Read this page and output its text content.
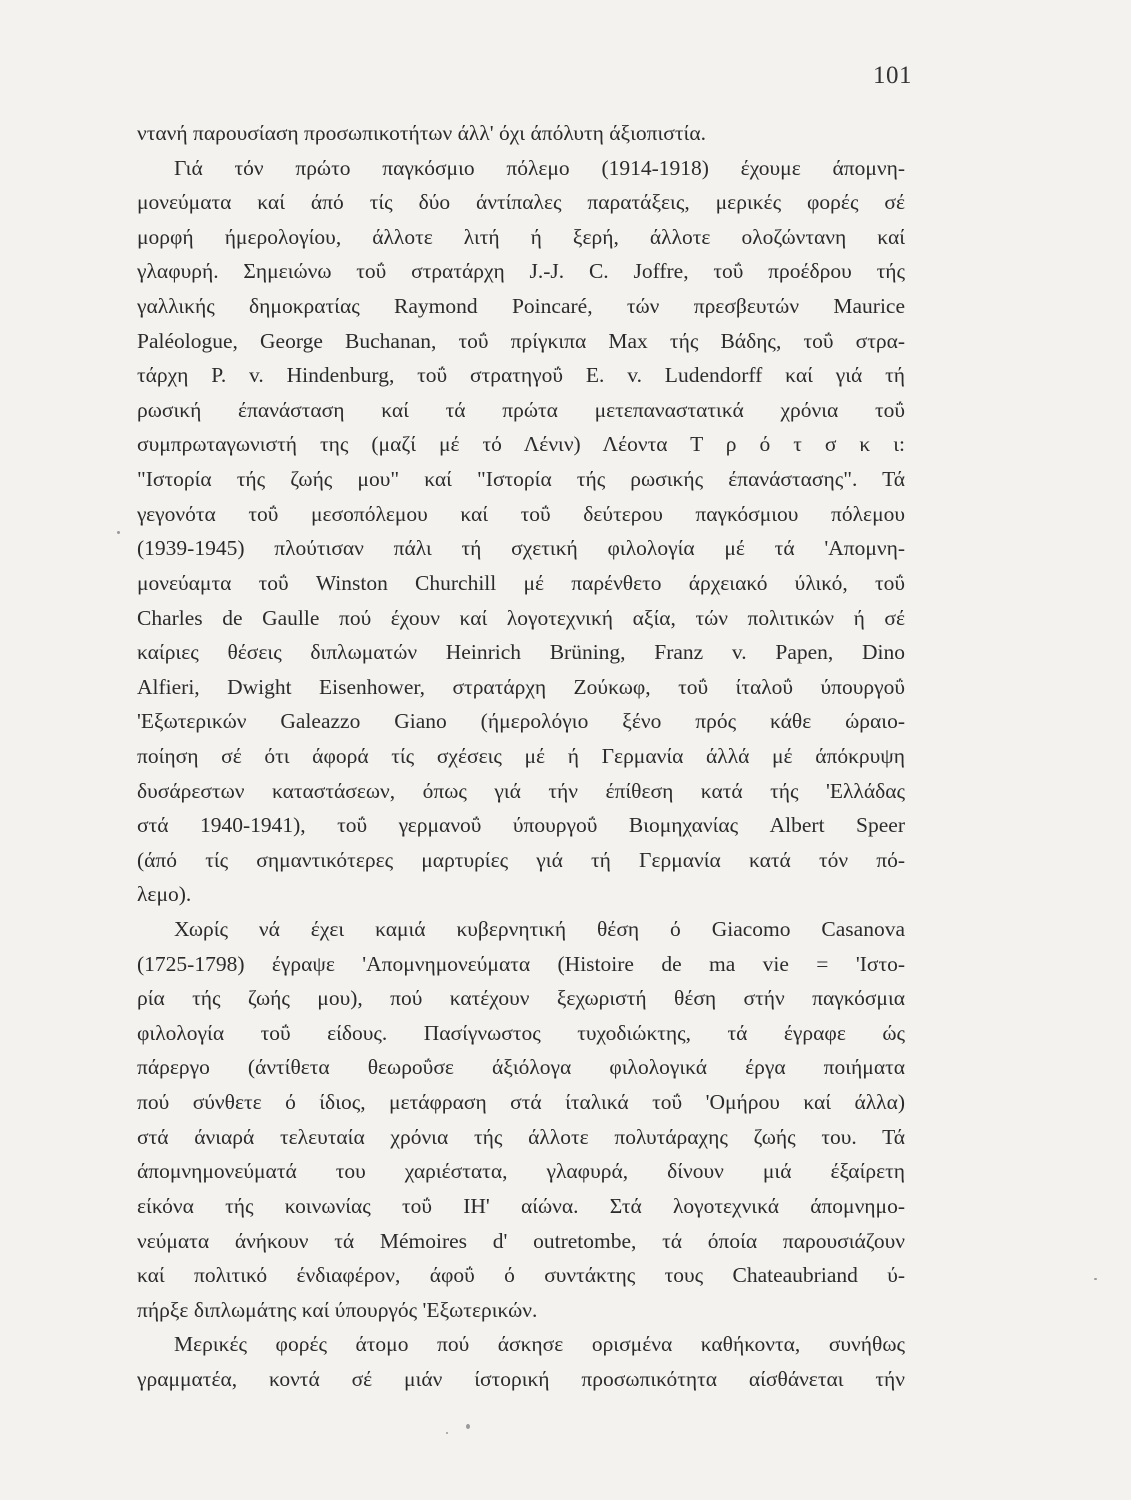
101
ντανή παρουσίαση προσωπικοτήτων άλλ' όχι άπόλυτη άξιοπιστία.
Γιά τόν πρώτο παγκόσμιο πόλεμο (1914-1918) έχουμε άπομνη-
μονεύματα καί άπό τίς δύο άντίπαλες παρατάξεις, μερικές φορές σέ
μορφή ήμερολογίου, άλλοτε λιτή ή ξερή, άλλοτε ολοζώντανη καί
γλαφυρή. Σημειώνω τοΰ στρατάρχη J.-J. C. Joffre, τοΰ προέδρου τής
γαλλικής δημοκρατίας Raymond Poincaré, τών πρεσβευτών Maurice
Paléologue, George Buchanan, τοΰ πρίγκιπα Max τής Βάδης, τοΰ στρα-
τάρχη P. v. Hindenburg, τοΰ στρατηγοΰ E. v. Ludendorff καί γιά τή
ρωσική έπανάσταση καί τά πρώτα μετεπαναστατικά χρόνια τοΰ
συμπρωταγωνιστή της (μαζί μέ τό Λένιν) Λέοντα Τ ρ ό τ σ κ ι:
"Ιστορία τής ζωής μου" καί "Ιστορία τής ρωσικής έπανάστασης". Τά
γεγονότα τοΰ μεσοπόλεμου καί τοΰ δεύτερου παγκόσμιου πόλεμου
(1939-1945) πλούτισαν πάλι τή σχετική φιλολογία μέ τά 'Απομνη-
μονεύαμτα τοΰ Winston Churchill μέ παρένθετο άρχειακό ύλικό, τοΰ
Charles de Gaulle πού έχουν καί λογοτεχνική αξία, τών πολιτικών ή σέ
καίριες θέσεις διπλωματών Heinrich Brüning, Franz v. Papen, Dino
Alfieri, Dwight Eisenhower, στρατάρχη Ζούκωφ, τοΰ ίταλοΰ ύπουργοΰ
'Εξωτερικών Galeazzo Giano (ήμερολόγιο ξένο πρός κάθε ώραιο-
ποίηση σέ ότι άφορά τίς σχέσεις μέ ή Γερμανία άλλά μέ άπόκρυψη
δυσάρεστων καταστάσεων, όπως γιά τήν έπίθεση κατά τής 'Ελλάδας
στά 1940-1941), τοΰ γερμανοΰ ύπουργοΰ Βιομηχανίας Albert Speer
(άπό τίς σημαντικότερες μαρτυρίες γιά τή Γερμανία κατά τόν πό-
λεμο).
Χωρίς νά έχει καμιά κυβερνητική θέση ό Giacomo Casanova
(1725-1798) έγραψε 'Απομνημονεύματα (Histoire de ma vie = 'Ιστο-
ρία τής ζωής μου), πού κατέχουν ξεχωριστή θέση στήν παγκόσμια
φιλολογία τοΰ είδους. Πασίγνωστος τυχοδιώκτης, τά έγραφε ώς
πάρεργο (άντίθετα θεωροΰσε άξιόλογα φιλολογικά έργα ποιήματα
πού σύνθετε ό ίδιος, μετάφραση στά ίταλικά τοΰ 'Ομήρου καί άλλα)
στά άνιαρά τελευταία χρόνια τής άλλοτε πολυτάραχης ζωής του. Τά
άπομνημονεύματά του χαριέστατα, γλαφυρά, δίνουν μιά έξαίρετη
είκόνα τής κοινωνίας τοΰ ΙΗ' αίώνα. Στά λογοτεχνικά άπομνημο-
νεύματα άνήκουν τά Mémoires d' outretombe, τά όποία παρουσιάζουν
καί πολιτικό ένδιαφέρον, άφοΰ ό συντάκτης τους Chateaubriand ύ-
πήρξε διπλωμάτης καί ύπουργός 'Εξωτερικών.
Μερικές φορές άτομο πού άσκησε ορισμένα καθήκοντα, συνήθως
γραμματέα, κοντά σέ μιάν ίστορική προσωπικότητα αίσθάνεται τήν
